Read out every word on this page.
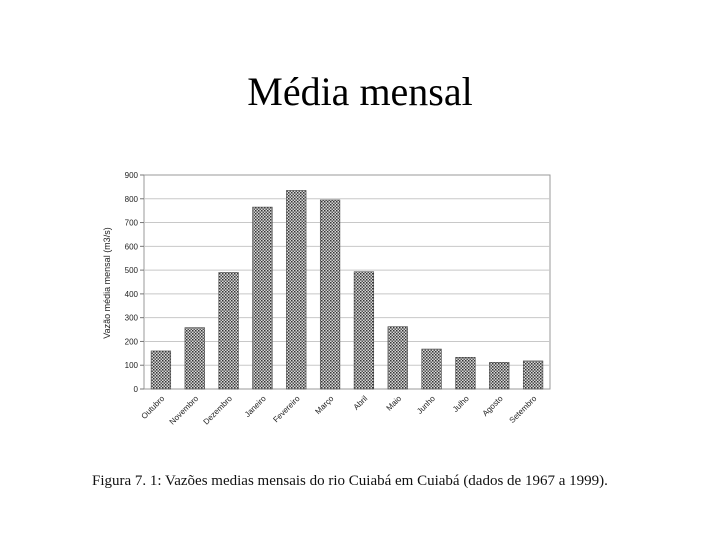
Média mensal
0
100
200
300
400
500
600
700
800
900
Outubro Novembro Dezembro Janeiro Fevereiro Março Abril Maio Junho Julho Agosto Setembro
Vazão média mensal (m3/s)
Figura 7. 1: Vazões medias mensais do rio Cuiabá em Cuiabá (dados de 1967 a 1999).
